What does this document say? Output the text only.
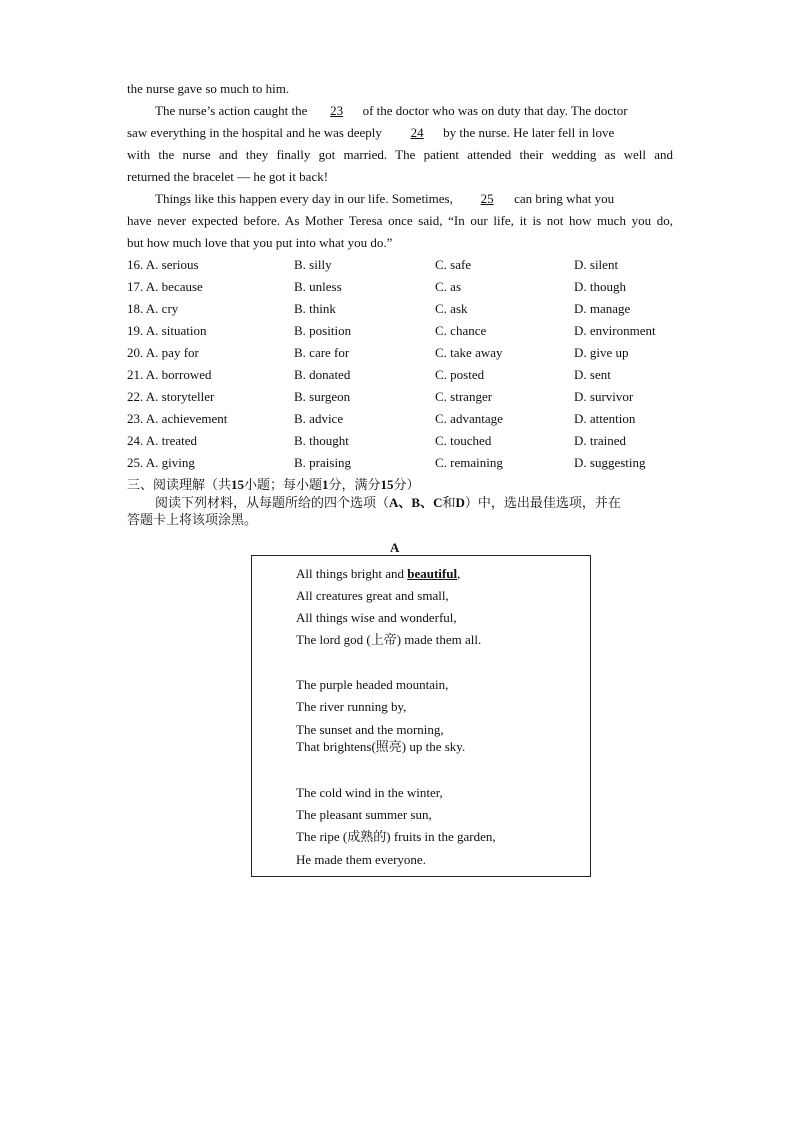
the nurse gave so much to him.
The nurse’s action caught the 23 of the doctor who was on duty that day. The doctor
saw everything in the hospital and he was deeply 24 by the nurse. He later fell in love
with the nurse and they finally got married. The patient attended their wedding as well and
returned the bracelet — he got it back!
Things like this happen every day in our life. Sometimes, 25 can bring what you
have never expected before. As Mother Teresa once said, “In our life, it is not how much you do,
but how much love that you put into what you do.”
16. A. serious	B. silly	C. safe	D. silent
17. A. because	B. unless	C. as	D. though
18. A. cry	B. think	C. ask	D. manage
19. A. situation	B. position	C. chance	D. environment
20. A. pay for	B. care for	C. take away	D. give up
21. A. borrowed	B. donated	C. posted	D. sent
22. A. storyteller	B. surgeon	C. stranger	D. survivor
23. A. achievement	B. advice	C. advantage	D. attention
24. A. treated	B. thought	C. touched	D. trained
25. A. giving	B. praising	C. remaining	D. suggesting
三、阅读理解（共15小题；每小题1分，满分15分）
阅读下列材料，从每题所给的四个选项（A、B、C和D）中，选出最佳选项，并在
答题卡上将该项涂黑。
A
All things bright and beautiful,
All creatures great and small,
All things wise and wonderful,
The lord god (上帝) made them all.
The purple headed mountain,
The river running by,
The sunset and the morning,
That brightens(照亮) up the sky.
The cold wind in the winter,
The pleasant summer sun,
The ripe (成熟的) fruits in the garden,
He made them everyone.
